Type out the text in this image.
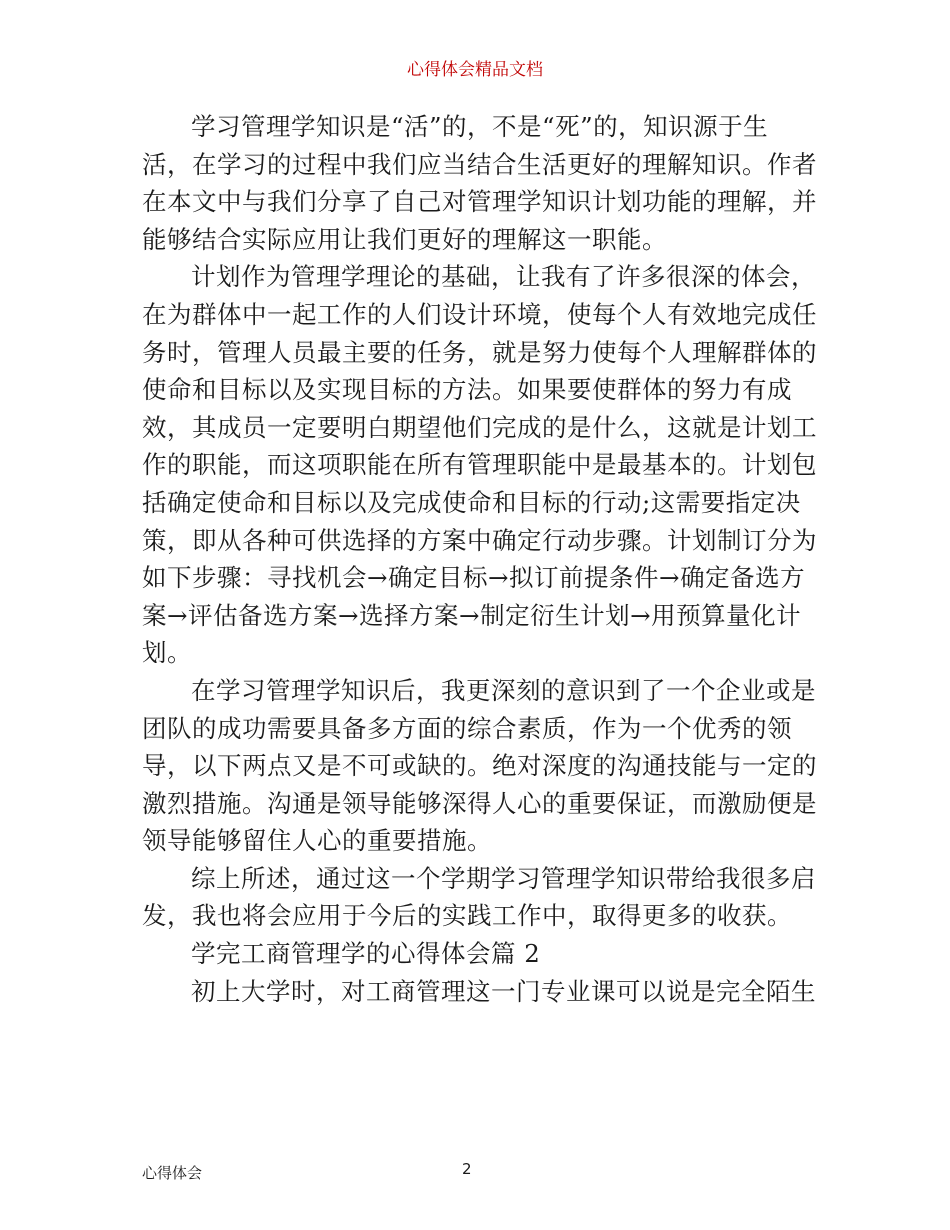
心得体会精品文档

学习管理学知识是“活”的，不是“死”的，知识源于生
活，在学习的过程中我们应当结合生活更好的理解知识。作者
在本文中与我们分享了自己对管理学知识计划功能的理解，并
能够结合实际应用让我们更好的理解这一职能。

计划作为管理学理论的基础，让我有了许多很深的体会，
在为群体中一起工作的人们设计环境，使每个人有效地完成任
务时，管理人员最主要的任务，就是努力使每个人理解群体的
使命和目标以及实现目标的方法。如果要使群体的努力有成
效，其成员一定要明白期望他们完成的是什么，这就是计划工
作的职能，而这项职能在所有管理职能中是最基本的。计划包
括确定使命和目标以及完成使命和目标的行动;这需要指定决
策，即从各种可供选择的方案中确定行动步骤。计划制订分为
如下步骤：寻找机会→确定目标→拟订前提条件→确定备选方
案→评估备选方案→选择方案→制定衍生计划→用预算量化计
划。

在学习管理学知识后，我更深刻的意识到了一个企业或是
团队的成功需要具备多方面的综合素质，作为一个优秀的领
导，以下两点又是不可或缺的。绝对深度的沟通技能与一定的
激烈措施。沟通是领导能够深得人心的重要保证，而激励便是
领导能够留住人心的重要措施。

综上所述，通过这一个学期学习管理学知识带给我很多启
发，我也将会应用于今后的实践工作中，取得更多的收获。

学完工商管理学的心得体会篇 2

初上大学时，对工商管理这一门专业课可以说是完全陌生

心得体会	2
